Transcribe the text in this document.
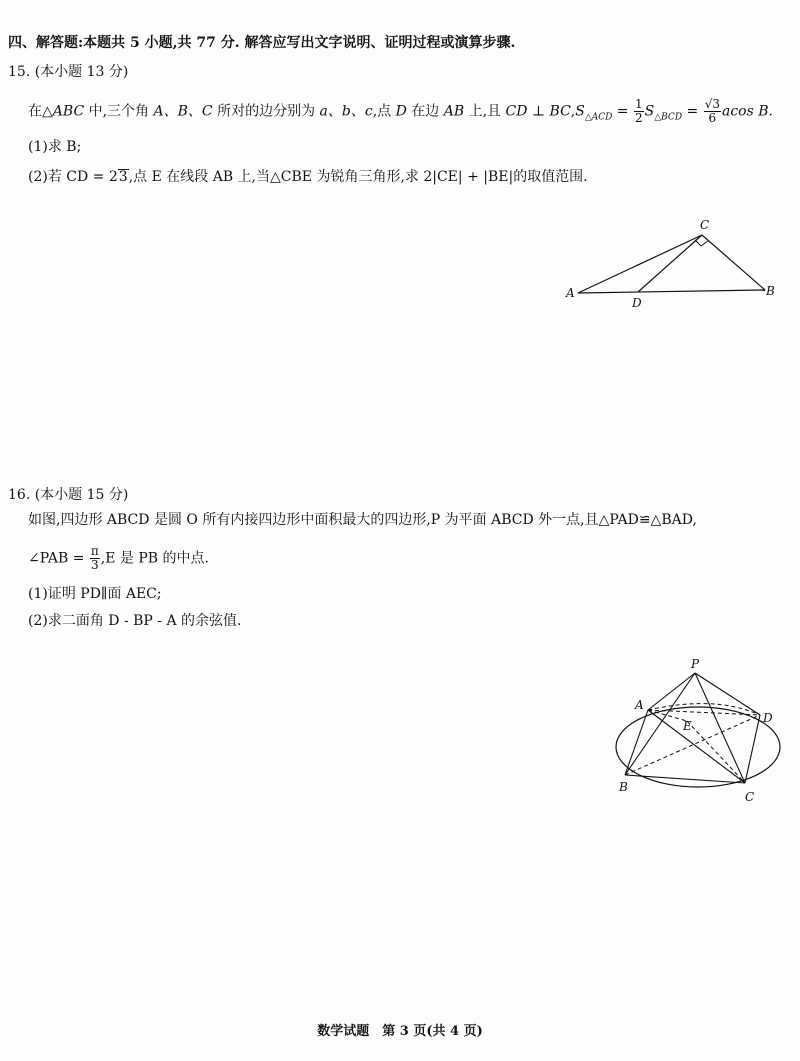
四、解答题:本题共 5 小题,共 77 分. 解答应写出文字说明、证明过程或演算步骤.
15. (本小题 13 分)
在△ABC 中,三个角 A、B、C 所对的边分别为 a、b、c,点 D 在边 AB 上,且 CD ⊥ $BC,S_{\triangle ACD} = \frac{1}{2} S_{\triangle BCD} = \frac{√3}{6}$ acos B.
(1)求 B;
(2)若 CD = 23,点 E 在线段 AB 上,当△CBE 为锐角三角形,求 2|CE| + |BE|的取值范围.
A
C
D
B
16. (本小题 15 分)
如图,四边形 ABCD 是圆 O 所有内接四边形中面积最大的四边形,P 为平面 ABCD 外一点,且△PAD≌△BAD,
∠PAB = $\frac{\pi}{3} ,E$ 是 PB 的中点.
(1)证明 PD∥面 AEC;
(2)求二面角 D - BP - A 的余弦值.
P
A
E
D
B
C
数学试题　第 3 页(共 4 页)
